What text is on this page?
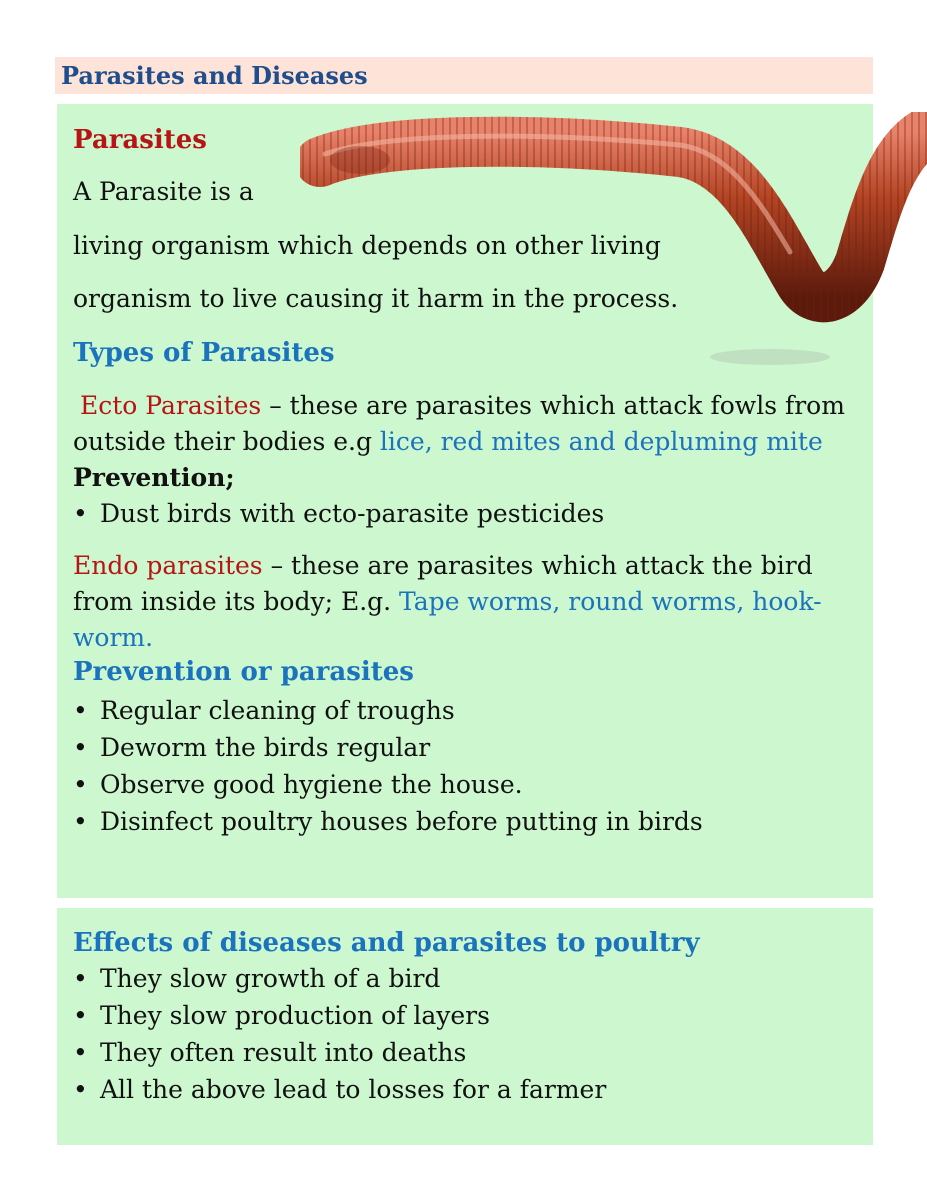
Parasites and Diseases
Parasites
A Parasite is a
living organism which depends on other living
organism to live causing it harm in the process.
Types of Parasites
Ecto Parasites – these are parasites which attack fowls from
outside their bodies e.g lice, red mites and depluming mite
Prevention;
• Dust birds with ecto-parasite pesticides
Endo parasites – these are parasites which attack the bird
from inside its body; E.g. Tape worms, round worms, hook-
worm.
Prevention or parasites
• Regular cleaning of troughs
• Deworm the birds regular
• Observe good hygiene the house.
• Disinfect poultry houses before putting in birds
Effects of diseases and parasites to poultry
• They slow growth of a bird
• They slow production of layers
• They often result into deaths
• All the above lead to losses for a farmer
